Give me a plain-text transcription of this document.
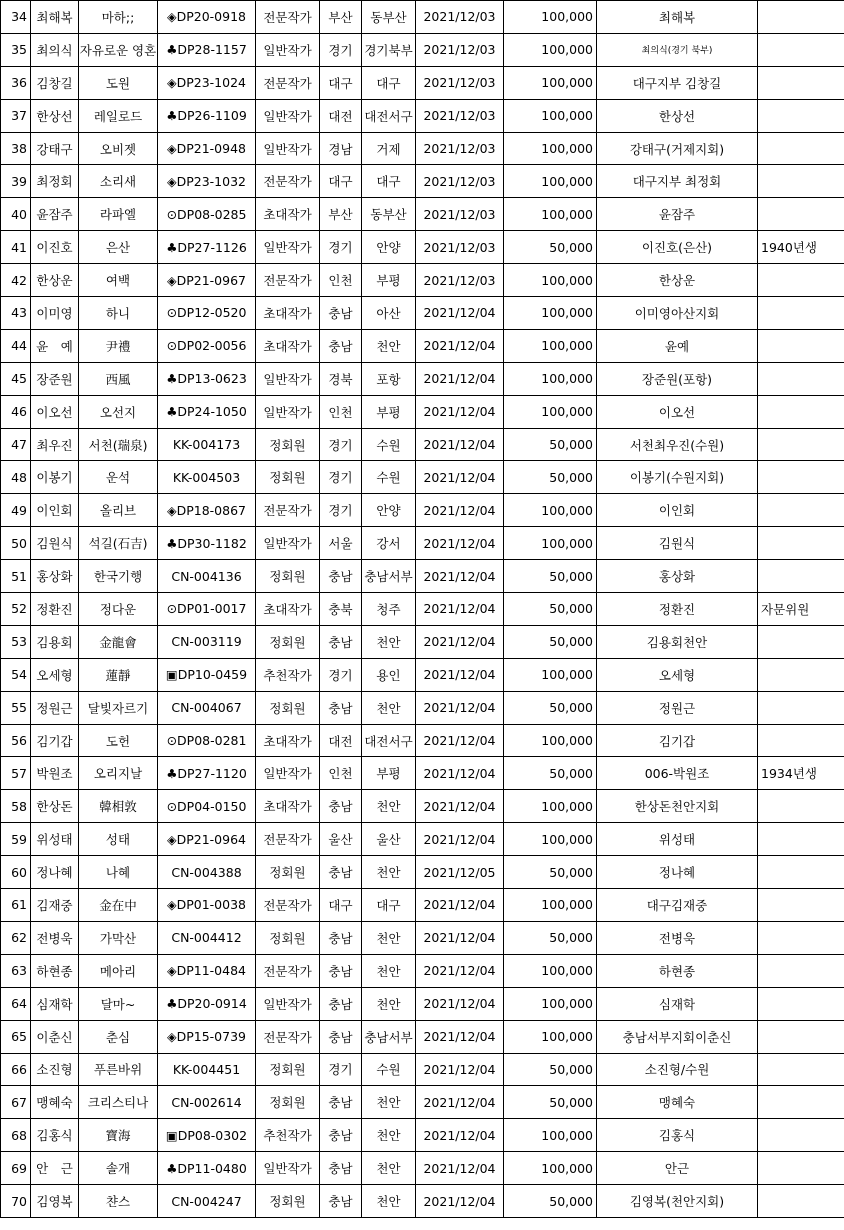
34	최해복	마하;;	◈DP20-0918	전문작가	부산	동부산	2021/12/03	100,000	최해복	
35	최의식	자유로운 영혼	♣DP28-1157	일반작가	경기	경기북부	2021/12/03	100,000	최의식(경기 북부)	
36	김창길	도원	◈DP23-1024	전문작가	대구	대구	2021/12/03	100,000	대구지부 김창길	
37	한상선	레일로드	♣DP26-1109	일반작가	대전	대전서구	2021/12/03	100,000	한상선	
38	강태구	오비젯	◈DP21-0948	일반작가	경남	거제	2021/12/03	100,000	강태구(거제지회)	
39	최정회	소리새	◈DP23-1032	전문작가	대구	대구	2021/12/03	100,000	대구지부 최정회	
40	윤잠주	라파엘	⊙DP08-0285	초대작가	부산	동부산	2021/12/03	100,000	윤잠주	
41	이진호	은산	♣DP27-1126	일반작가	경기	안양	2021/12/03	50,000	이진호(은산)	1940년생
42	한상운	여백	◈DP21-0967	전문작가	인천	부평	2021/12/03	100,000	한상운	
43	이미영	하니	⊙DP12-0520	초대작가	충남	아산	2021/12/04	100,000	이미영아산지회	
44	윤　예	尹禮	⊙DP02-0056	초대작가	충남	천안	2021/12/04	100,000	윤예	
45	장준원	西風	♣DP13-0623	일반작가	경북	포항	2021/12/04	100,000	장준원(포항)	
46	이오선	오선지	♣DP24-1050	일반작가	인천	부평	2021/12/04	100,000	이오선	
47	최우진	서천(瑞泉)	KK-004173	정회원	경기	수원	2021/12/04	50,000	서천최우진(수원)	
48	이봉기	운석	KK-004503	정회원	경기	수원	2021/12/04	50,000	이봉기(수원지회)	
49	이인회	올리브	◈DP18-0867	전문작가	경기	안양	2021/12/04	100,000	이인회	
50	김원식	석길(石吉)	♣DP30-1182	일반작가	서울	강서	2021/12/04	100,000	김원식	
51	홍상화	한국기행	CN-004136	정회원	충남	충남서부	2021/12/04	50,000	홍상화	
52	정환진	정다운	⊙DP01-0017	초대작가	충북	청주	2021/12/04	50,000	정환진	자문위원
53	김용회	金龍會	CN-003119	정회원	충남	천안	2021/12/04	50,000	김용회천안	
54	오세형	蓮靜	▣DP10-0459	추천작가	경기	용인	2021/12/04	100,000	오세형	
55	정원근	달빛자르기	CN-004067	정회원	충남	천안	2021/12/04	50,000	정원근	
56	김기갑	도헌	⊙DP08-0281	초대작가	대전	대전서구	2021/12/04	100,000	김기갑	
57	박원조	오리지날	♣DP27-1120	일반작가	인천	부평	2021/12/04	50,000	006-박원조	1934년생
58	한상돈	韓相敦	⊙DP04-0150	초대작가	충남	천안	2021/12/04	100,000	한상돈천안지회	
59	위성태	성태	◈DP21-0964	전문작가	울산	울산	2021/12/04	100,000	위성태	
60	정나혜	나혜	CN-004388	정회원	충남	천안	2021/12/05	50,000	정나혜	
61	김재중	金在中	◈DP01-0038	전문작가	대구	대구	2021/12/04	100,000	대구김재중	
62	전병욱	가막산	CN-004412	정회원	충남	천안	2021/12/04	50,000	전병욱	
63	하현종	메아리	◈DP11-0484	전문작가	충남	천안	2021/12/04	100,000	하현종	
64	심재학	달마~	♣DP20-0914	일반작가	충남	천안	2021/12/04	100,000	심재학	
65	이춘신	춘심	◈DP15-0739	전문작가	충남	충남서부	2021/12/04	100,000	충남서부지회이춘신	
66	소진형	푸른바위	KK-004451	정회원	경기	수원	2021/12/04	50,000	소진형/수원	
67	맹혜숙	크리스티나	CN-002614	정회원	충남	천안	2021/12/04	50,000	맹혜숙	
68	김홍식	寶海	▣DP08-0302	추천작가	충남	천안	2021/12/04	100,000	김홍식	
69	안　근	솔개	♣DP11-0480	일반작가	충남	천안	2021/12/04	100,000	안근	
70	김영복	챤스	CN-004247	정회원	충남	천안	2021/12/04	50,000	김영복(천안지회)	
